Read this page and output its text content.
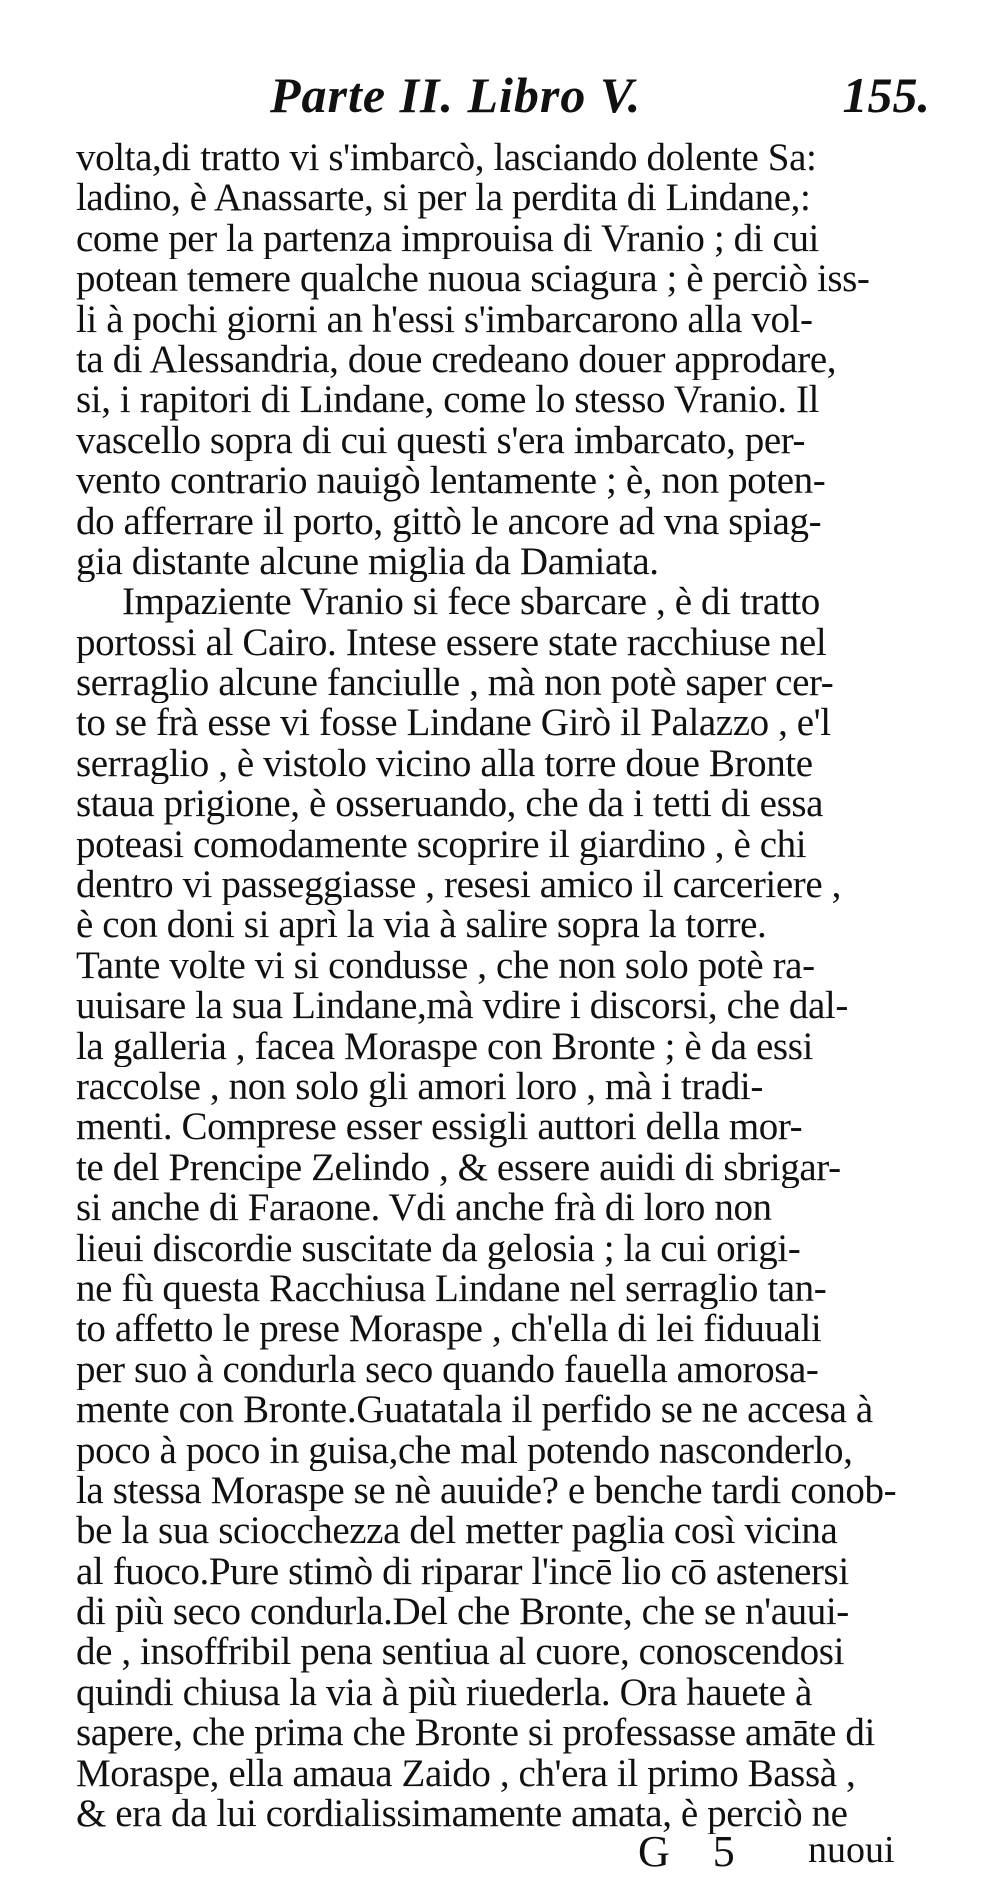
Parte II. Libro V.	155.
volta,di tratto vi s'imbarcò, lasciando dolente Sa:
ladino, è Anassarte, si per la perdita di Lindane,:
come per la partenza improuisa di Vranio ; di cui
potean temere qualche nuoua sciagura ; è perciò iss-
li à pochi giorni an h'essi s'imbarcarono alla vol-
ta di Alessandria, doue credeano douer approdare,
si, i rapitori di Lindane, come lo stesso Vranio. Il
vascello sopra di cui questi s'era imbarcato, per-
vento contrario nauigò lentamente ; è, non poten-
do afferrare il porto, gittò le ancore ad vna spiag-
gia distante alcune miglia da Damiata.
Impaziente Vranio si fece sbarcare , è di tratto
portossi al Cairo. Intese essere state racchiuse nel
serraglio alcune fanciulle , mà non potè saper cer-
to se frà esse vi fosse Lindane Girò il Palazzo , e'l
serraglio , è vistolo vicino alla torre doue Bronte
staua prigione, è osseruando, che da i tetti di essa
poteasi comodamente scoprire il giardino , è chi
dentro vi passeggiasse , resesi amico il carceriere ,
è con doni si aprì la via à salire sopra la torre.
Tante volte vi si condusse , che non solo potè ra-
uuisare la sua Lindane,mà vdire i discorsi, che dal-
la galleria , facea Moraspe con Bronte ; è da essi
raccolse , non solo gli amori loro , mà i tradi-
menti. Comprese esser essigli auttori della mor-
te del Prencipe Zelindo , & essere auidi di sbrigar-
si anche di Faraone. Vdi anche frà di loro non
lieui discordie suscitate da gelosia ; la cui origi-
ne fù questa Racchiusa Lindane nel serraglio tan-
to affetto le prese Moraspe , ch'ella di lei fiduuali
per suo à condurla seco quando fauella amorosa-
mente con Bronte.Guatatala il perfido se ne accesa à
poco à poco in guisa,che mal potendo nasconderlo,
la stessa Moraspe se nè auuide? e benche tardi conob-
be la sua sciocchezza del metter paglia così vicina
al fuoco.Pure stimò di riparar l'incē lio cō astenersi
di più seco condurla.Del che Bronte, che se n'auui-
de , insoffribil pena sentiua al cuore, conoscendosi
quindi chiusa la via à più riuederla. Ora hauete à
sapere, che prima che Bronte si professasse amāte di
Moraspe, ella amaua Zaido , ch'era il primo Bassà ,
& era da lui cordialissimamente amata, è perciò ne
G 5 nuoui
